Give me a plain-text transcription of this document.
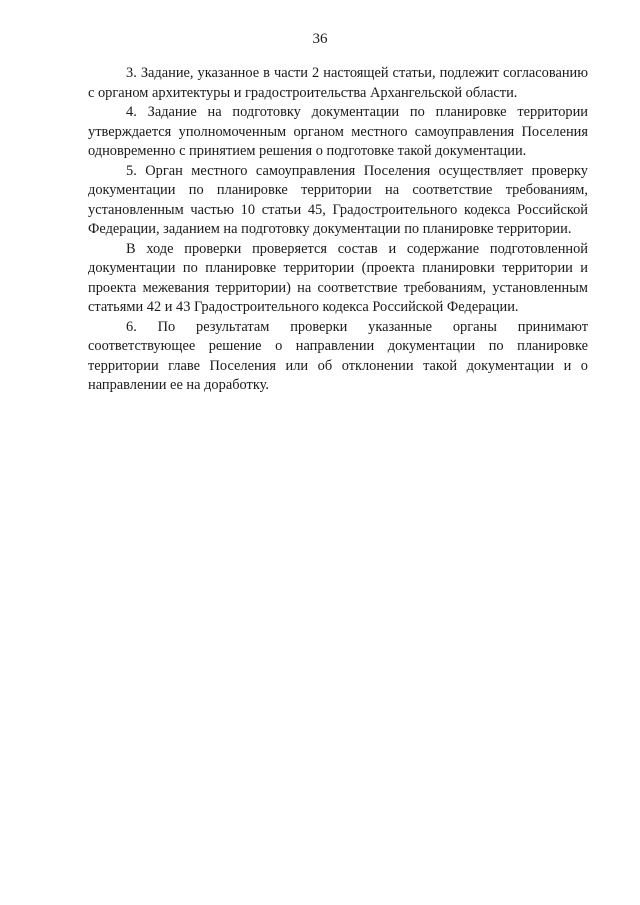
36

3. Задание, указанное в части 2 настоящей статьи, подлежит согласованию с органом архитектуры и градостроительства Архангельской области.

4. Задание на подготовку документации по планировке территории утверждается уполномоченным органом местного самоуправления Поселения одновременно с принятием решения о подготовке такой документации.

5. Орган местного самоуправления Поселения осуществляет проверку документации по планировке территории на соответствие требованиям, установленным частью 10 статьи 45, Градостроительного кодекса Российской Федерации, заданием на подготовку документации по планировке территории.

В ходе проверки проверяется состав и содержание подготовленной документации по планировке территории (проекта планировки территории и проекта межевания территории) на соответствие требованиям, установленным статьями 42 и 43 Градостроительного кодекса Российской Федерации.

6. По результатам проверки указанные органы принимают соответствующее решение о направлении документации по планировке территории главе Поселения или об отклонении такой документации и о направлении ее на доработку.
